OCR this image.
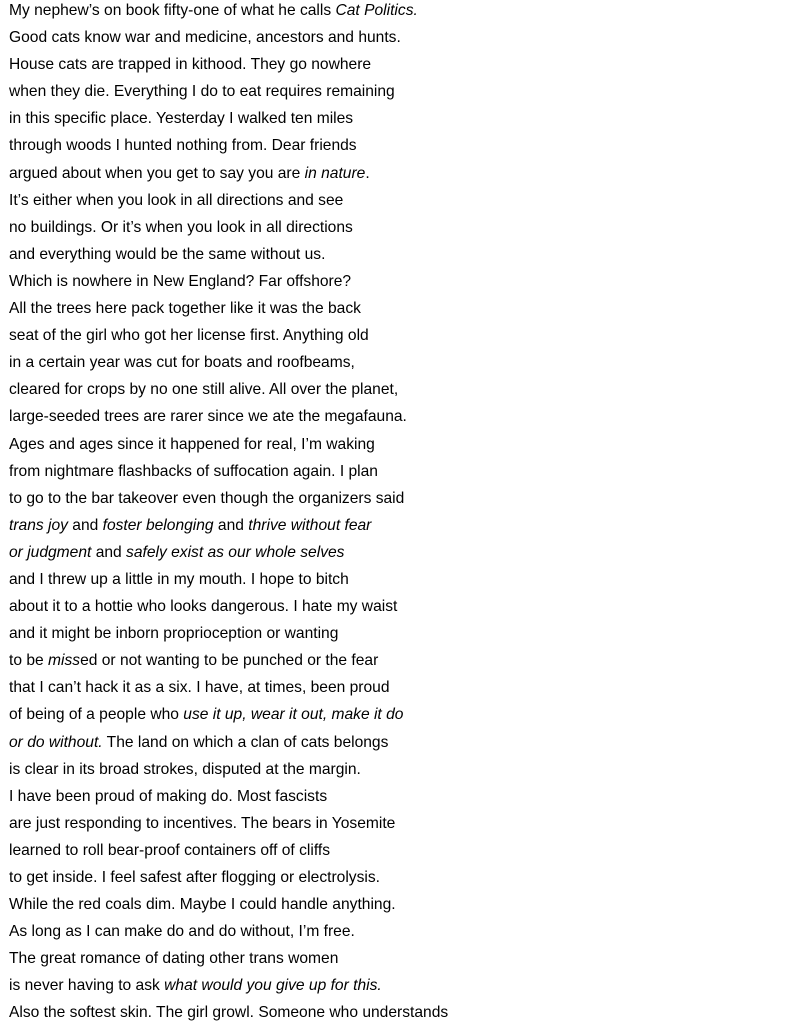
My nephew’s on book fifty-one of what he calls Cat Politics.
Good cats know war and medicine, ancestors and hunts.
House cats are trapped in kithood. They go nowhere
when they die. Everything I do to eat requires remaining
in this specific place. Yesterday I walked ten miles
through woods I hunted nothing from. Dear friends
argued about when you get to say you are in nature.
It’s either when you look in all directions and see
no buildings. Or it’s when you look in all directions
and everything would be the same without us.
Which is nowhere in New England? Far offshore?
All the trees here pack together like it was the back
seat of the girl who got her license first. Anything old
in a certain year was cut for boats and roofbeams,
cleared for crops by no one still alive. All over the planet,
large-seeded trees are rarer since we ate the megafauna.
Ages and ages since it happened for real, I’m waking
from nightmare flashbacks of suffocation again. I plan
to go to the bar takeover even though the organizers said
trans joy and foster belonging and thrive without fear
or judgment and safely exist as our whole selves
and I threw up a little in my mouth. I hope to bitch
about it to a hottie who looks dangerous. I hate my waist
and it might be inborn proprioception or wanting
to be missed or not wanting to be punched or the fear
that I can’t hack it as a six. I have, at times, been proud
of being of a people who use it up, wear it out, make it do
or do without. The land on which a clan of cats belongs
is clear in its broad strokes, disputed at the margin.
I have been proud of making do. Most fascists
are just responding to incentives. The bears in Yosemite
learned to roll bear-proof containers off of cliffs
to get inside. I feel safest after flogging or electrolysis.
While the red coals dim. Maybe I could handle anything.
As long as I can make do and do without, I’m free.
The great romance of dating other trans women
is never having to ask what would you give up for this.
Also the softest skin. The girl growl. Someone who understands
